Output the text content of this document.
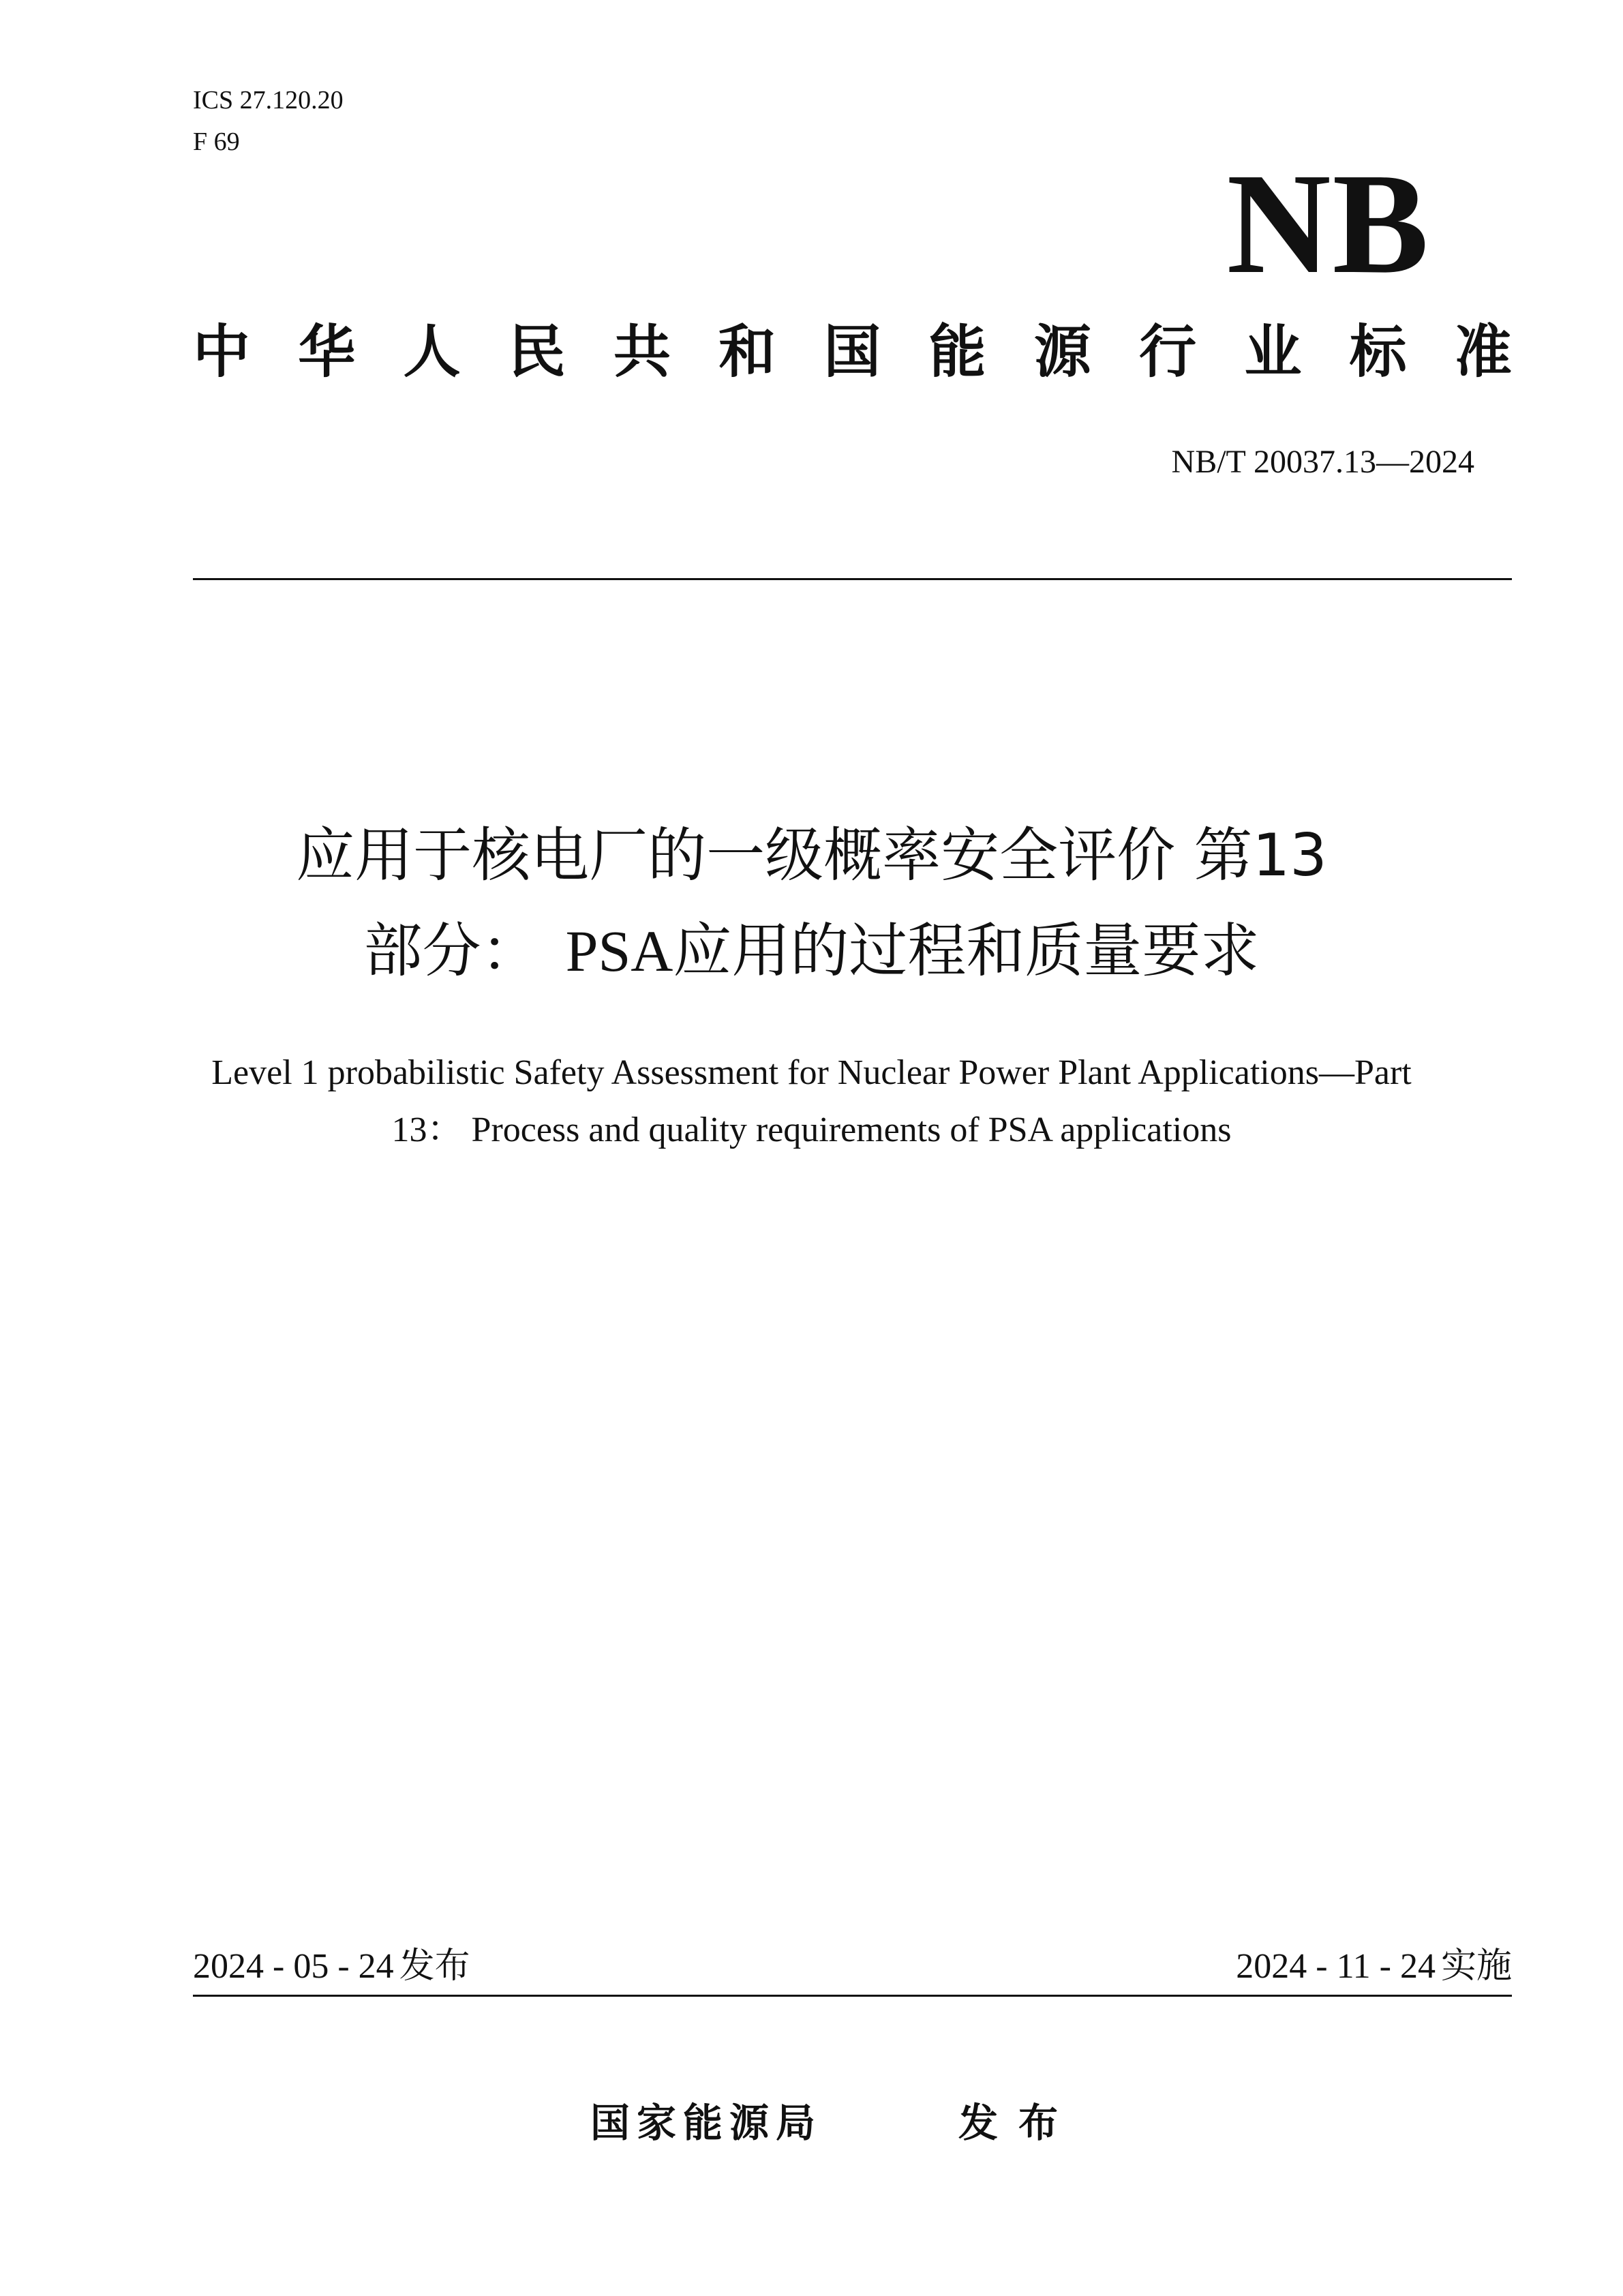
ICS 27.120.20
F 69
NB
中 华 人 民 共 和 国 能 源 行 业 标 准
NB/T 20037.13—2024
应用于核电厂的一级概率安全评价 第13
部分： PSA应用的过程和质量要求
Level 1 probabilistic Safety Assessment for Nuclear Power Plant Applications—Part
13： Process and quality requirements of PSA applications
2024 - 05 - 24 发布	2024 - 11 - 24 实施
国家能源局	发布
